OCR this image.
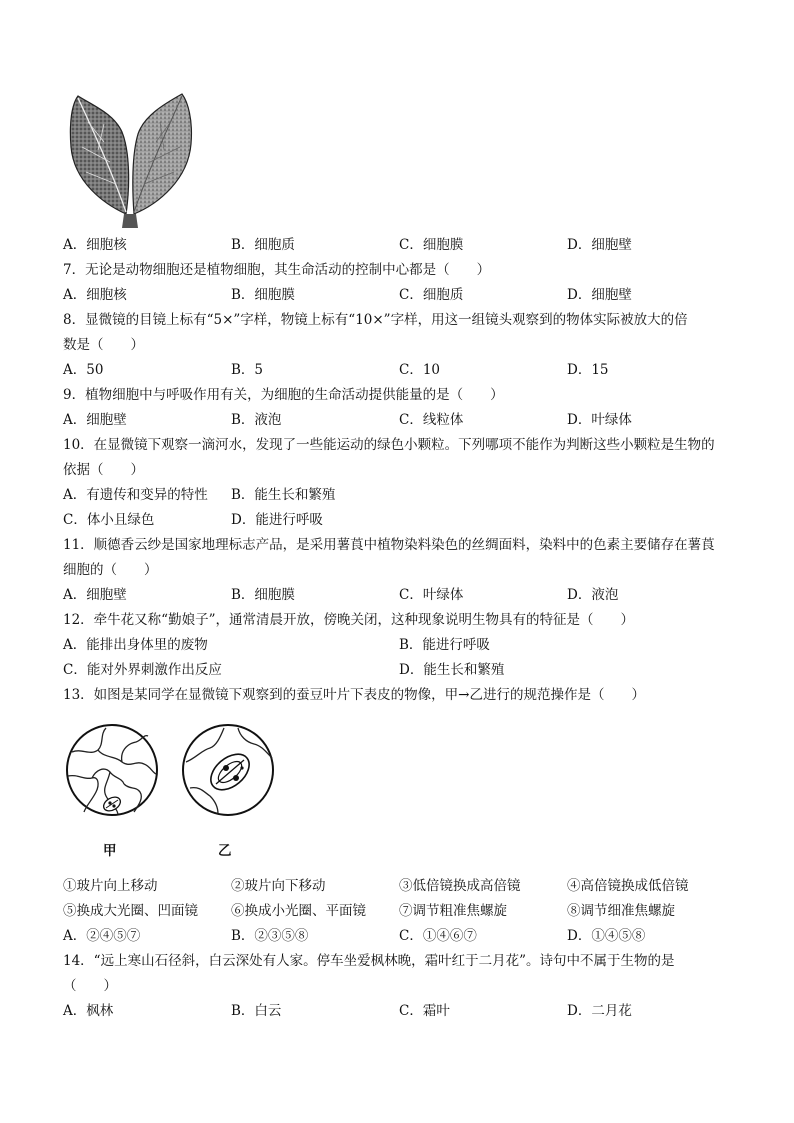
A．细胞核	B．细胞质	C．细胞膜	D．细胞壁
7．无论是动物细胞还是植物细胞，其生命活动的控制中心都是（　　）
A．细胞核	B．细胞膜	C．细胞质	D．细胞壁
8．显微镜的目镜上标有“5×”字样，物镜上标有“10×”字样，用这一组镜头观察到的物体实际被放大的倍
数是（　　）
A．50	B．5	C．10	D．15
9．植物细胞中与呼吸作用有关，为细胞的生命活动提供能量的是（　　）
A．细胞壁	B．液泡	C．线粒体	D．叶绿体
10．在显微镜下观察一滴河水，发现了一些能运动的绿色小颗粒。下列哪项不能作为判断这些小颗粒是生物的
依据（　　）
A．有遗传和变异的特性 B．能生长和繁殖
C．体小且绿色	D．能进行呼吸
11．顺德香云纱是国家地理标志产品，是采用薯莨中植物染料染色的丝绸面料，染料中的色素主要储存在薯莨
细胞的（　　）
A．细胞壁	B．细胞膜	C．叶绿体	D．液泡
12．牵牛花又称“勤娘子”，通常清晨开放，傍晚关闭，这种现象说明生物具有的特征是（　　）
A．能排出身体里的废物	B．能进行呼吸
C．能对外界刺激作出反应	D．能生长和繁殖
13．如图是某同学在显微镜下观察到的蚕豆叶片下表皮的物像，甲→乙进行的规范操作是（　　）
甲	乙
①玻片向上移动	②玻片向下移动	③低倍镜换成高倍镜	④高倍镜换成低倍镜
⑤换成大光圈、凹面镜 ⑥换成小光圈、平面镜 ⑦调节粗准焦螺旋	⑧调节细准焦螺旋
A．②④⑤⑦	B．②③⑤⑧	C．①④⑥⑦	D．①④⑤⑧
14．“远上寒山石径斜，白云深处有人家。停车坐爱枫林晚，霜叶红于二月花”。诗句中不属于生物的是
（　　）
A．枫林	B．白云	C．霜叶	D．二月花
